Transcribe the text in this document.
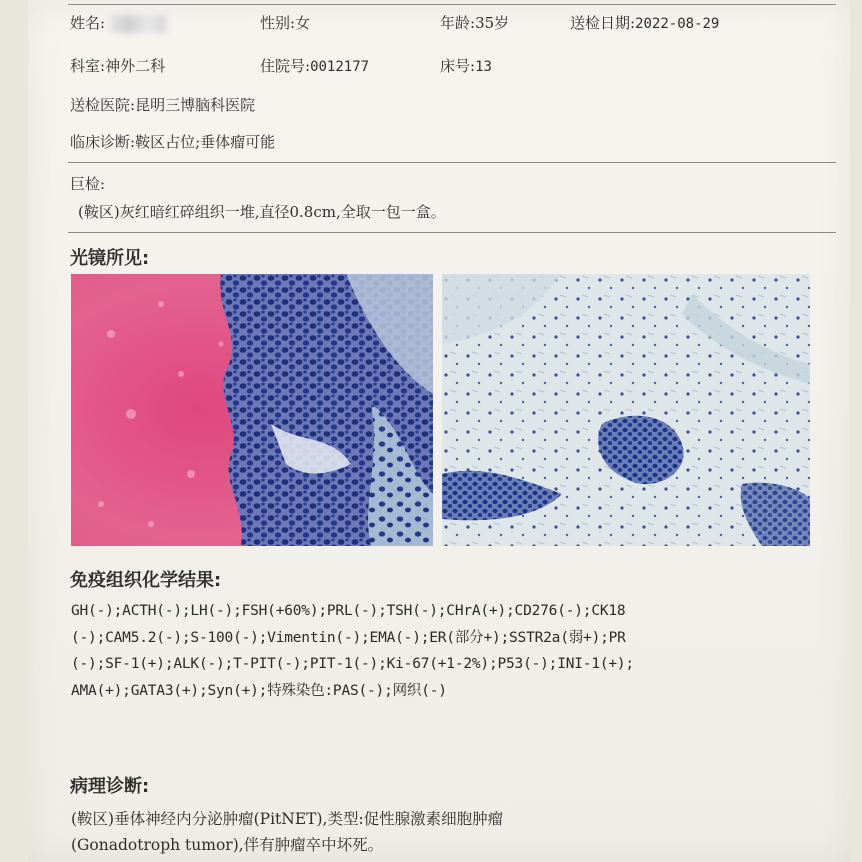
姓名:	性别:女	年龄:35岁	送检日期:2022-08-29
科室:神外二科	住院号:0012177	床号:13
送检医院:昆明三博脑科医院
临床诊断:鞍区占位;垂体瘤可能
巨检:
(鞍区)灰红暗红碎组织一堆,直径0.8cm,全取一包一盒。
光镜所见:
免疫组织化学结果:
GH(-);ACTH(-);LH(-);FSH(+60%);PRL(-);TSH(-);CHrA(+);CD276(-);CK18
(-);CAM5.2(-);S-100(-);Vimentin(-);EMA(-);ER(部分+);SSTR2a(弱+);PR
(-);SF-1(+);ALK(-);T-PIT(-);PIT-1(-);Ki-67(+1-2%);P53(-);INI-1(+);
AMA(+);GATA3(+);Syn(+);特殊染色:PAS(-);网织(-)
病理诊断:
(鞍区)垂体神经内分泌肿瘤(PitNET),类型:促性腺激素细胞肿瘤
(Gonadotroph tumor),伴有肿瘤卒中坏死。
